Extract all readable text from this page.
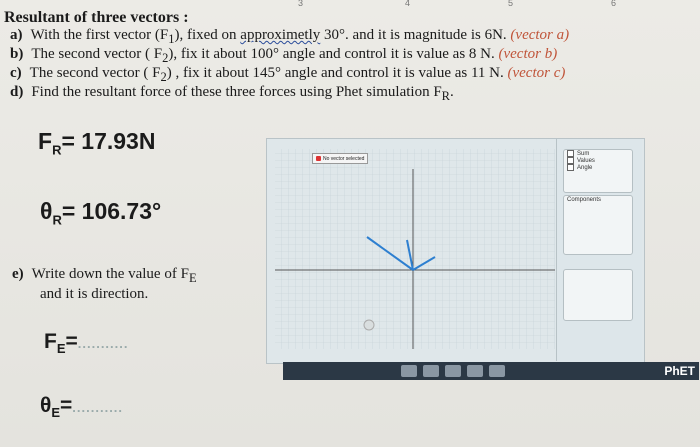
3	4	5	6
Resultant of three vectors :
a) With the first vector $(F_1)$, fixed on approximetly 30°. and it is magnitude is 6N. (vector a)
b) The second vector ( $F_2$), fix it about 100° angle and control it is value as 8 N. (vector b)
c) The second vector ( $F_2$) , fix it about 145° angle and control it is value as 11 N. (vector c)
d) Find the resultant force of these three forces using Phet simulation $F_R$.
$F_R= 17.93N$
$\theta_R= 106.73^\circ$
e) Write down the value of $F_E$
and it is direction.
$F_E=$...........
$\theta_E=$...........
No vector selected
Sum
Values
Angle
Components
PhET
